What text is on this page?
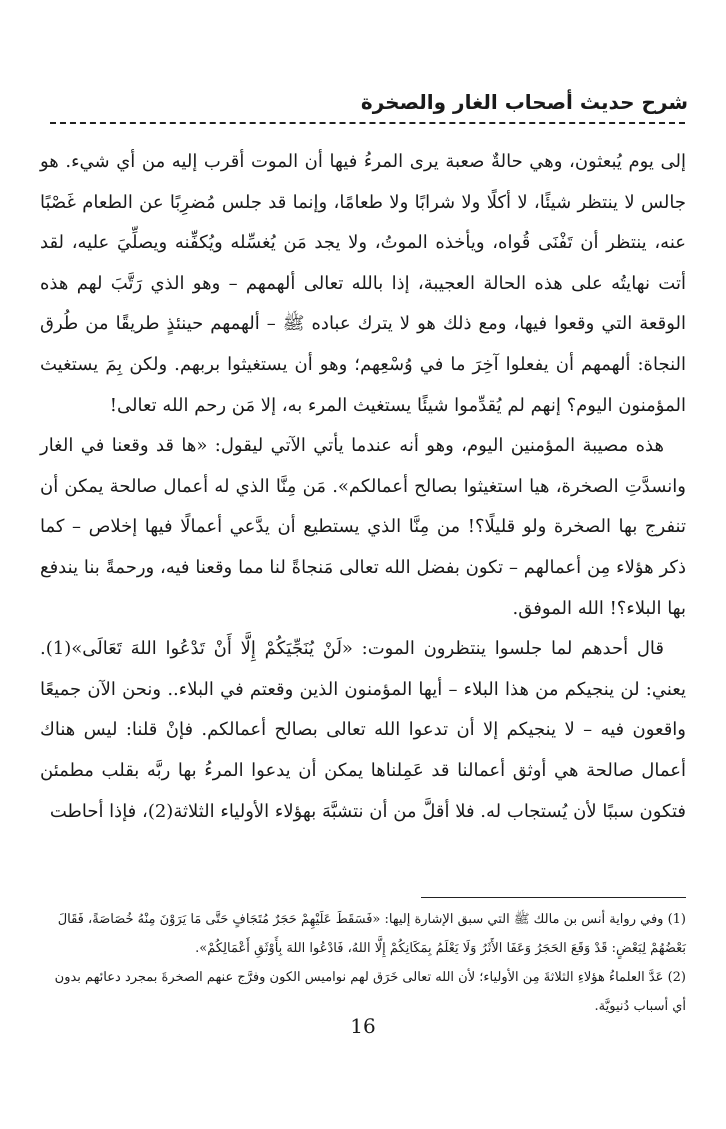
شرح حديث أصحاب الغار والصخرة

إلى يوم يُبعثون، وهي حالةٌ صعبة يرى المرءُ فيها أن الموت أقرب إليه من أي شيء. هو جالس لا ينتظر شيئًا، لا أكلًا ولا شرابًا ولا طعامًا، وإنما قد جلس مُضرِبًا عن الطعام غَصْبًا عنه، ينتظر أن تَفْنَى قُواه، ويأخذه الموتُ، ولا يجد مَن يُغسِّله ويُكفِّنه ويصلِّيَ عليه، لقد أتت نهايتُه على هذه الحالة العجيبة، إذا بالله تعالى ألهمهم – وهو الذي رَتَّبَ لهم هذه الوقعة التي وقعوا فيها، ومع ذلك هو لا يترك عباده ﷺ – ألهمهم حينئذٍ طريقًا من طُرق النجاة: ألهمهم أن يفعلوا آخِرَ ما في وُسْعِهم؛ وهو أن يستغيثوا بربهم. ولكن بِمَ يستغيث المؤمنون اليوم؟ إنهم لم يُقدِّموا شيئًا يستغيث المرء به، إلا مَن رحم الله تعالى!

هذه مصيبة المؤمنين اليوم، وهو أنه عندما يأتي الآتي ليقول: «ها قد وقعنا في الغار وانسدَّتِ الصخرة، هيا استغيثوا بصالح أعمالكم». مَن مِنَّا الذي له أعمال صالحة يمكن أن تنفرج بها الصخرة ولو قليلًا؟! من مِنَّا الذي يستطيع أن يدَّعي أعمالًا فيها إخلاص – كما ذكر هؤلاء مِن أعمالهم – تكون بفضل الله تعالى مَنجاةً لنا مما وقعنا فيه، ورحمةً بنا يندفع بها البلاء؟! الله الموفق.

قال أحدهم لما جلسوا ينتظرون الموت: «لَنْ يُنَجِّيَكُمْ إِلَّا أَنْ تَدْعُوا اللهَ تَعَالَى»(1). يعني: لن ينجيكم من هذا البلاء – أيها المؤمنون الذين وقعتم في البلاء.. ونحن الآن جميعًا واقعون فيه – لا ينجيكم إلا أن تدعوا الله تعالى بصالح أعمالكم. فإنْ قلنا: ليس هناك أعمال صالحة هي أوثق أعمالنا قد عَمِلناها يمكن أن يدعوا المرءُ بها ربَّه بقلب مطمئن فتكون سببًا لأن يُستجاب له. فلا أقلَّ من أن نتشبَّهَ بهؤلاء الأولياء الثلاثة(2)، فإذا أحاطت

(1) وفي رواية أنس بن مالك ﷺ التي سبق الإشارة إليها: «فَسَقَطَ عَلَيْهِمْ حَجَرٌ مُتَجَافٍ حَتَّى مَا يَرَوْنَ مِنْهُ خُصَاصَةً، فَقَالَ بَعْضُهُمْ لِبَعْضٍ: قَدْ وَقَعَ الحَجَرُ وَعَفَا الأَثَرُ وَلَا يَعْلَمُ بِمَكَانِكُمْ إِلَّا اللهُ، فَادْعُوا اللهَ بِأَوْثَقِ أَعْمَالِكُمْ».

(2) عَدَّ العلماءُ هؤلاءِ الثلاثةَ مِن الأولياء؛ لأن الله تعالى خَرَق لهم نواميس الكون وفرَّج عنهم الصخرةَ بمجرد دعائهم بدون أي أسباب دُنيويَّة.

16
